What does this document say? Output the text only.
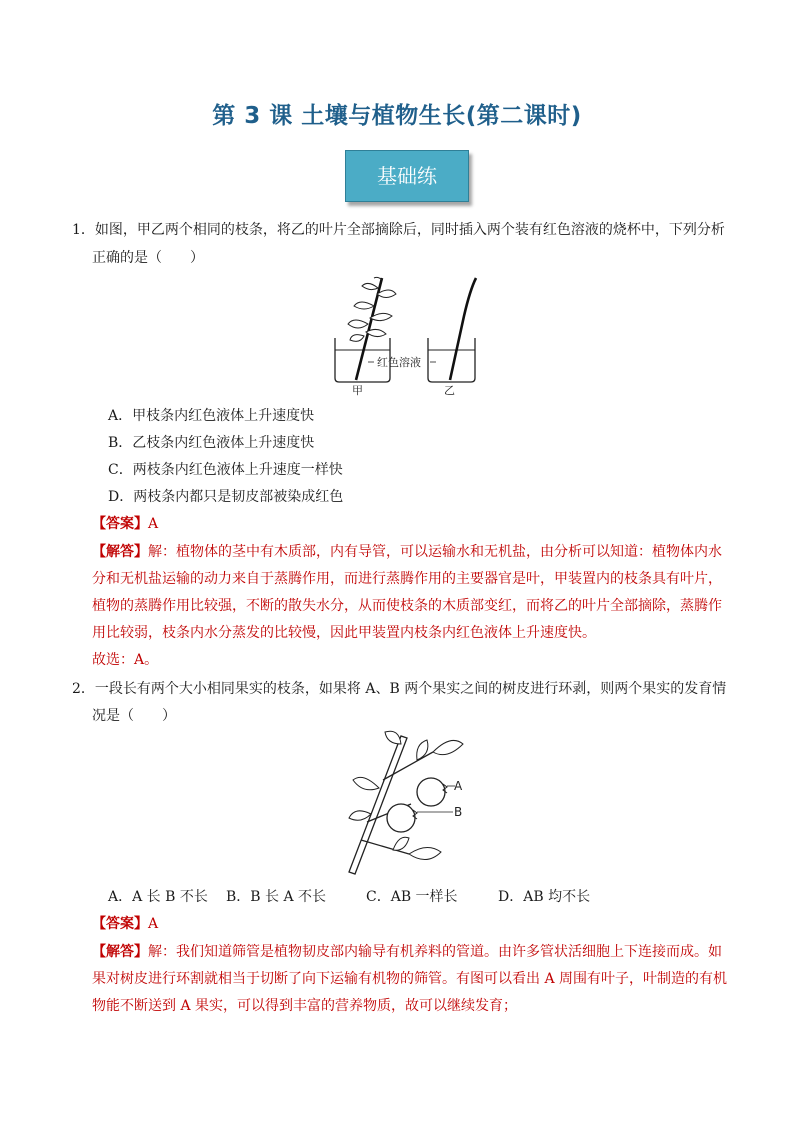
第 3 课 土壤与植物生长(第二课时)
基础练
1．如图，甲乙两个相同的枝条，将乙的叶片全部摘除后，同时插入两个装有红色溶液的烧杯中，下列分析
正确的是（　　）
红色溶液
甲	乙
A．甲枝条内红色液体上升速度快
B．乙枝条内红色液体上升速度快
C．两枝条内红色液体上升速度一样快
D．两枝条内都只是韧皮部被染成红色
【答案】A
【解答】解：植物体的茎中有木质部，内有导管，可以运输水和无机盐，由分析可以知道：植物体内水
分和无机盐运输的动力来自于蒸腾作用，而进行蒸腾作用的主要器官是叶，甲装置内的枝条具有叶片，
植物的蒸腾作用比较强，不断的散失水分，从而使枝条的木质部变红，而将乙的叶片全部摘除，蒸腾作
用比较弱，枝条内水分蒸发的比较慢，因此甲装置内枝条内红色液体上升速度快。
故选：A。
2．一段长有两个大小相同果实的枝条，如果将 A、B 两个果实之间的树皮进行环剥，则两个果实的发育情
况是（　　）
A
B
A．A 长 B 不长 B．B 长 A 不长	C．AB 一样长	D．AB 均不长
【答案】A
【解答】解：我们知道筛管是植物韧皮部内输导有机养料的管道。由许多管状活细胞上下连接而成。如
果对树皮进行环割就相当于切断了向下运输有机物的筛管。有图可以看出 A 周围有叶子，叶制造的有机
物能不断送到 A 果实，可以得到丰富的营养物质，故可以继续发育；
